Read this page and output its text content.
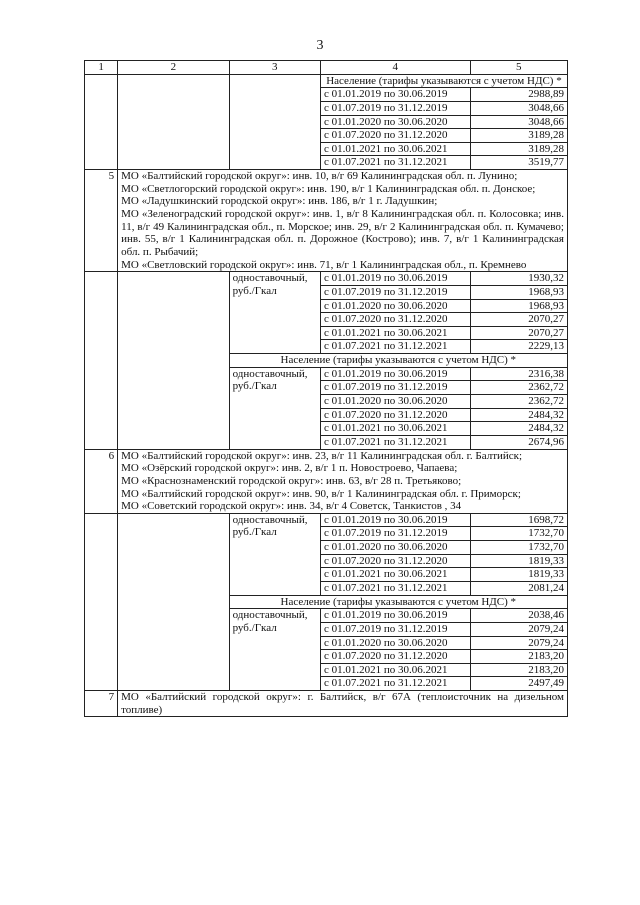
3
1	2	3	4	5
			Население (тарифы указываются с учетом НДС) *	
			с 01.01.2019 по 30.06.2019	2988,89
			с 01.07.2019 по 31.12.2019	3048,66
			с 01.01.2020 по 30.06.2020	3048,66
			с 01.07.2020 по 31.12.2020	3189,28
			с 01.01.2021 по 30.06.2021	3189,28
			с 01.07.2021 по 31.12.2021	3519,77
5	МО «Балтийский городской округ»: инв. 10, в/г 69 Калининградская обл. п. Лунино;
МО «Светлогорский городской округ»: инв. 190, в/г 1 Калининградская обл. п. Донское;
МО «Ладушкинский городской округ»: инв. 186, в/г 1 г. Ладушкин;
МО «Зеленоградский городской округ»: инв. 1, в/г 8 Калининградская обл. п. Колосовка; инв. 11, в/г 49 Калининградская обл., п. Морское; инв. 29, в/г 2 Калининградская обл. п. Кумачево; инв. 55, в/г 1 Калининградская обл. п. Дорожное (Кострово); инв. 7, в/г 1 Калининградская обл. п. Рыбачий;
МО «Светловский городской округ»: инв. 71, в/г 1 Калининградская обл., п. Кремнево			

		одноставочный, руб./Гкал	с 01.01.2019 по 30.06.2019	1930,32
			с 01.07.2019 по 31.12.2019	1968,93
			с 01.01.2020 по 30.06.2020	1968,93
			с 01.07.2020 по 31.12.2020	2070,27
			с 01.01.2021 по 30.06.2021	2070,27
			с 01.07.2021 по 31.12.2021	2229,13
		Население (тарифы указываются с учетом НДС) *		
		одноставочный, руб./Гкал	с 01.01.2019 по 30.06.2019	2316,38
			с 01.07.2019 по 31.12.2019	2362,72
			с 01.01.2020 по 30.06.2020	2362,72
			с 01.07.2020 по 31.12.2020	2484,32
			с 01.01.2021 по 30.06.2021	2484,32
			с 01.07.2021 по 31.12.2021	2674,96
6	МО «Балтийский городской округ»: инв. 23, в/г 11 Калининградская обл. г. Балтийск;
МО «Озёрский городской округ»: инв. 2, в/г 1 п. Новостроево, Чапаева;
МО «Краснознаменский городской округ»: инв. 63, в/г 28 п. Третьяково;
МО «Балтийский городской округ»: инв. 90, в/г 1 Калининградская обл. г. Приморск;
МО «Советский городской округ»: инв. 34, в/г 4 Советск, Танкистов , 34			

		одноставочный, руб./Гкал	с 01.01.2019 по 30.06.2019	1698,72
			с 01.07.2019 по 31.12.2019	1732,70
			с 01.01.2020 по 30.06.2020	1732,70
			с 01.07.2020 по 31.12.2020	1819,33
			с 01.01.2021 по 30.06.2021	1819,33
			с 01.07.2021 по 31.12.2021	2081,24
		Население (тарифы указываются с учетом НДС) *		
		одноставочный, руб./Гкал	с 01.01.2019 по 30.06.2019	2038,46
			с 01.07.2019 по 31.12.2019	2079,24
			с 01.01.2020 по 30.06.2020	2079,24
			с 01.07.2020 по 31.12.2020	2183,20
			с 01.01.2021 по 30.06.2021	2183,20
			с 01.07.2021 по 31.12.2021	2497,49
7	МО «Балтийский городской округ»: г. Балтийск, в/г 67А (теплоисточник на дизельном топливе)			
